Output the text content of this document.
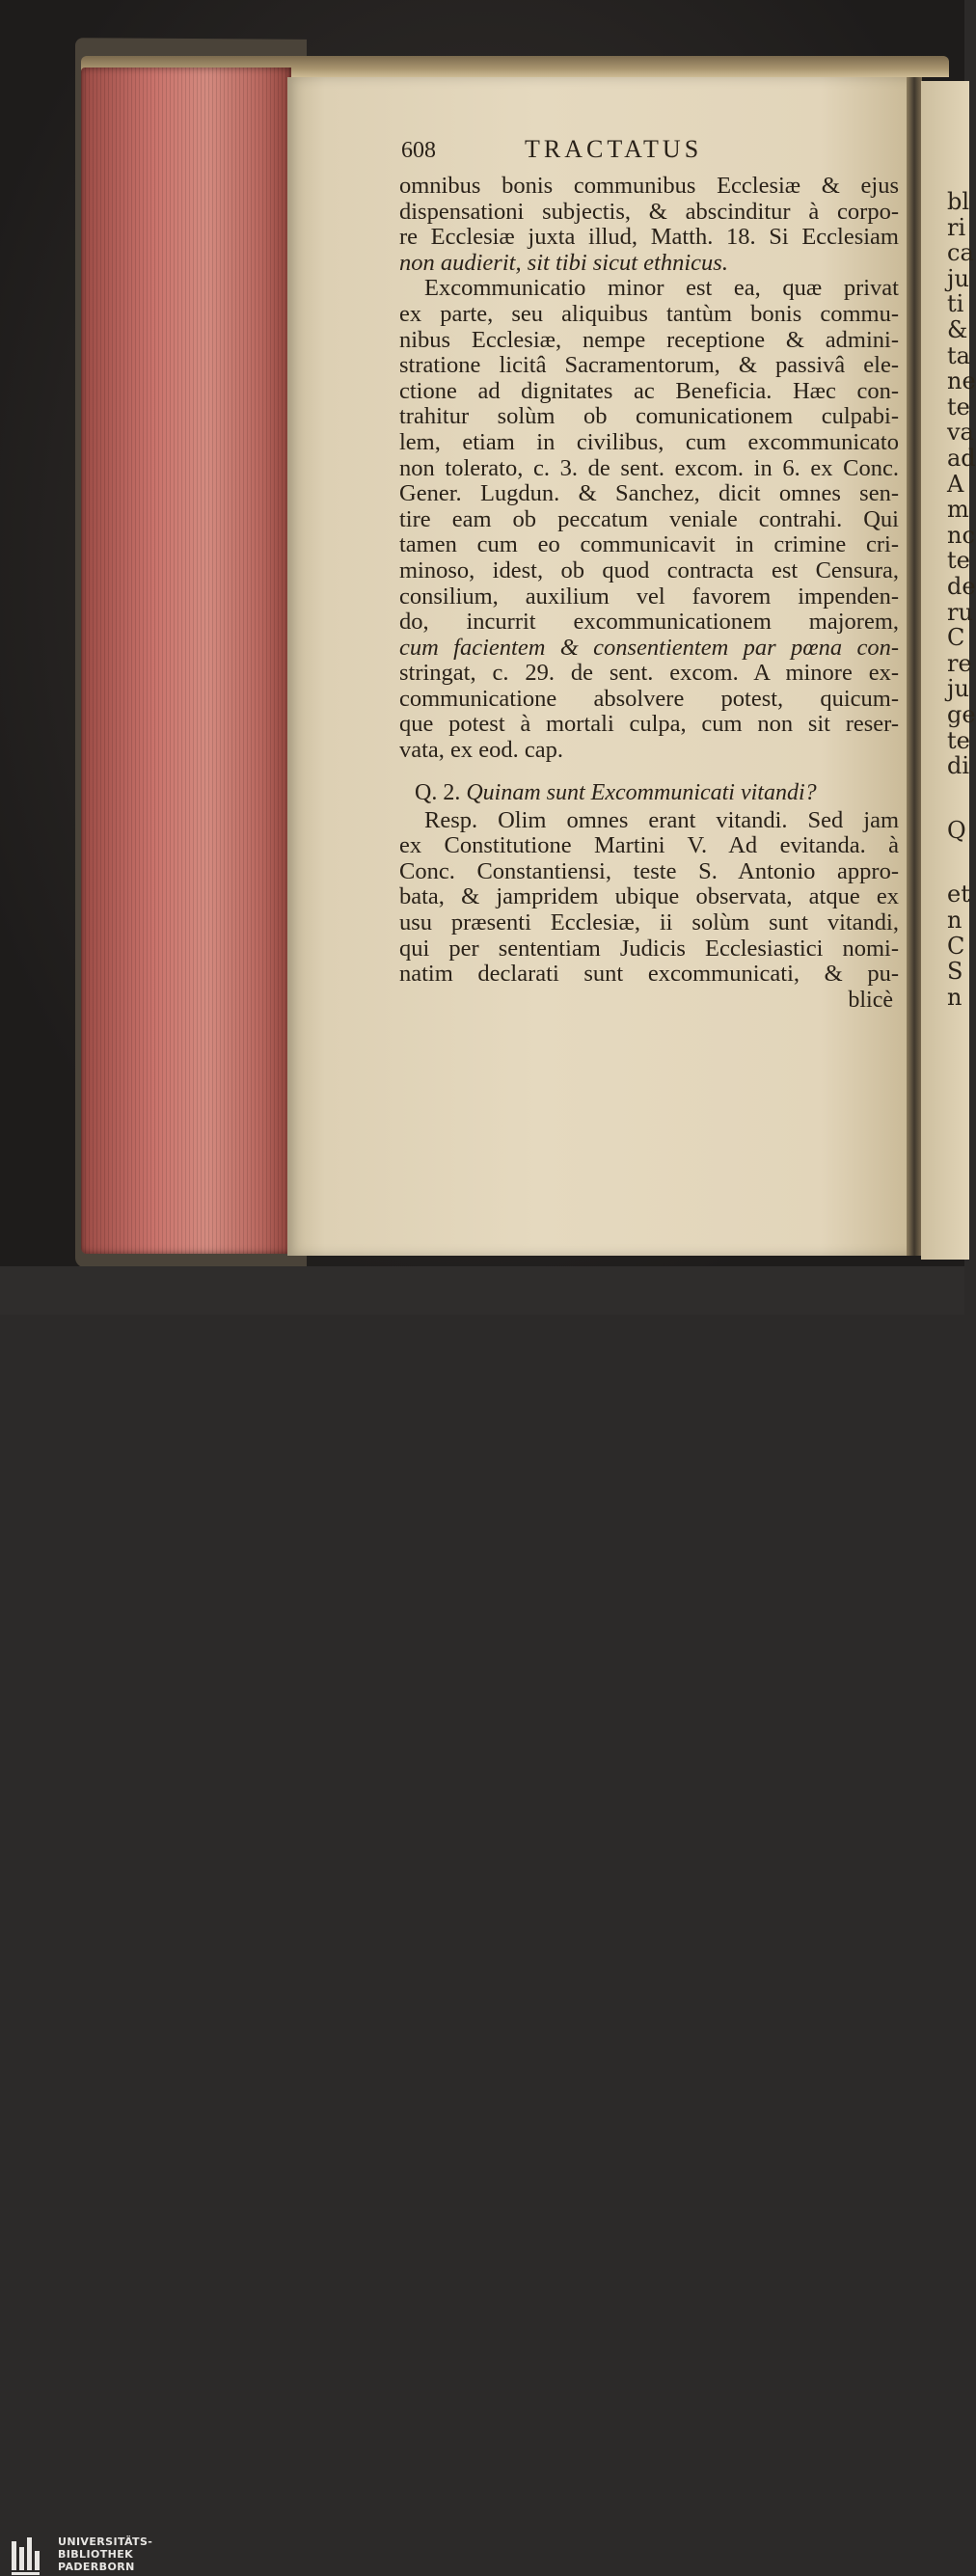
bl
ri
ca
ju
ti
&
ta
ne
te
va
ad
A
m
nc
te
de
ru
C
re
ju
ge
te
di
Q
et
n
C
S
n
608	TRACTATUS
omnibus bonis communibus Ecclesiæ & ejus
dispensationi subjectis, & abscinditur à corpo-
re Ecclesiæ juxta illud, Matth. 18. Si Ecclesiam
non audierit, sit tibi sicut ethnicus.
Excommunicatio minor est ea, quæ privat
ex parte, seu aliquibus tantùm bonis commu-
nibus Ecclesiæ, nempe receptione & admini-
stratione licitâ Sacramentorum, & passivâ ele-
ctione ad dignitates ac Beneficia. Hæc con-
trahitur solùm ob comunicationem culpabi-
lem, etiam in civilibus, cum excommunicato
non tolerato, c. 3. de sent. excom. in 6. ex Conc.
Gener. Lugdun. & Sanchez, dicit omnes sen-
tire eam ob peccatum veniale contrahi. Qui
tamen cum eo communicavit in crimine cri-
minoso, idest, ob quod contracta est Censura,
consilium, auxilium vel favorem impenden-
do, incurrit excommunicationem majorem,
cum facientem & consentientem par pœna con-
stringat, c. 29. de sent. excom. A minore ex-
communicatione absolvere potest, quicum-
que potest à mortali culpa, cum non sit reser-
vata, ex eod. cap.
Q. 2. Quinam sunt Excommunicati vitandi?
Resp. Olim omnes erant vitandi. Sed jam
ex Constitutione Martini V. Ad evitanda. à
Conc. Constantiensi, teste S. Antonio appro-
bata, & jampridem ubique observata, atque ex
usu præsenti Ecclesiæ, ii solùm sunt vitandi,
qui per sententiam Judicis Ecclesiastici nomi-
natim declarati sunt excommunicati, & pu-
blicè
UNIVERSITÄTS-
BIBLIOTHEK
PADERBORN
